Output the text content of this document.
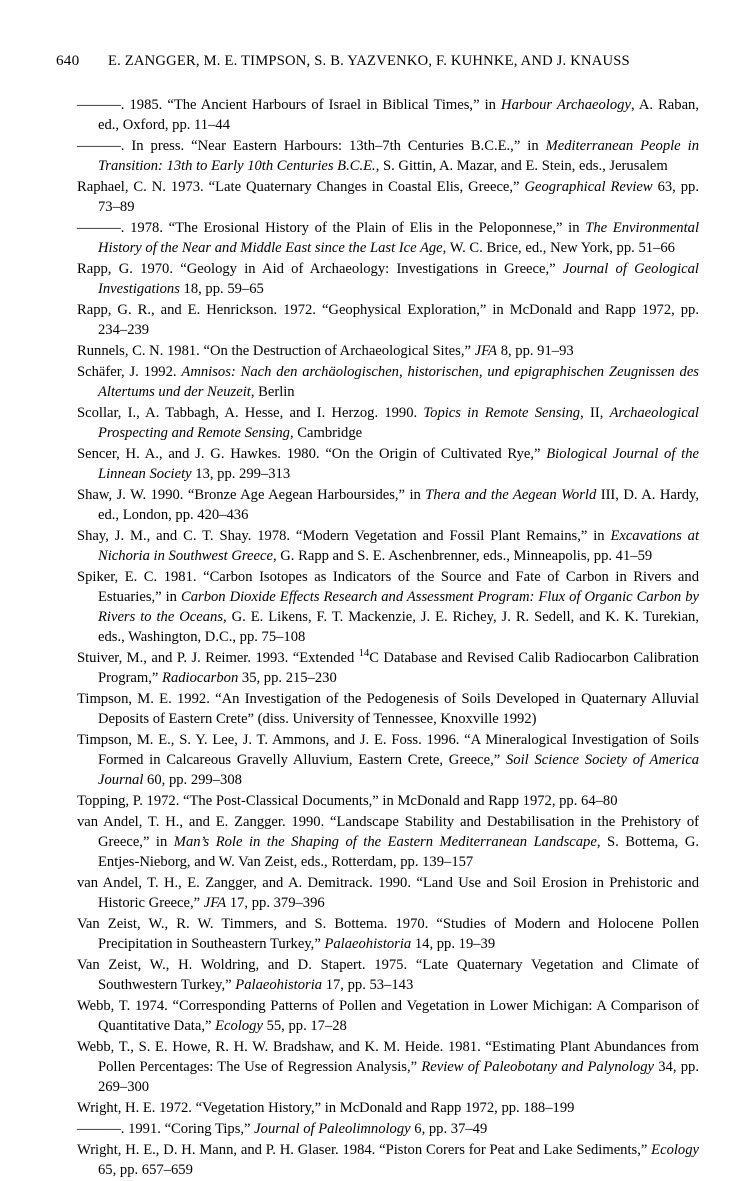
640	E. ZANGGER, M. E. TIMPSON, S. B. YAZVENKO, F. KUHNKE, AND J. KNAUSS

———. 1985. “The Ancient Harbours of Israel in Biblical Times,” in Harbour Archaeology, A. Raban, ed., Oxford, pp. 11–44

———. In press. “Near Eastern Harbours: 13th–7th Centuries B.C.E.,” in Mediterranean People in Transition: 13th to Early 10th Centuries B.C.E., S. Gittin, A. Mazar, and E. Stein, eds., Jerusalem

Raphael, C. N. 1973. “Late Quaternary Changes in Coastal Elis, Greece,” Geographical Review 63, pp. 73–89

———. 1978. “The Erosional History of the Plain of Elis in the Peloponnese,” in The Environmental History of the Near and Middle East since the Last Ice Age, W. C. Brice, ed., New York, pp. 51–66

Rapp, G. 1970. “Geology in Aid of Archaeology: Investigations in Greece,” Journal of Geological Investigations 18, pp. 59–65

Rapp, G. R., and E. Henrickson. 1972. “Geophysical Exploration,” in McDonald and Rapp 1972, pp. 234–239

Runnels, C. N. 1981. “On the Destruction of Archaeological Sites,” JFA 8, pp. 91–93

Schäfer, J. 1992. Amnisos: Nach den archäologischen, historischen, und epigraphischen Zeugnissen des Altertums und der Neuzeit, Berlin

Scollar, I., A. Tabbagh, A. Hesse, and I. Herzog. 1990. Topics in Remote Sensing, II, Archaeological Prospecting and Remote Sensing, Cambridge

Sencer, H. A., and J. G. Hawkes. 1980. “On the Origin of Cultivated Rye,” Biological Journal of the Linnean Society 13, pp. 299–313

Shaw, J. W. 1990. “Bronze Age Aegean Harboursides,” in Thera and the Aegean World III, D. A. Hardy, ed., London, pp. 420–436

Shay, J. M., and C. T. Shay. 1978. “Modern Vegetation and Fossil Plant Remains,” in Excavations at Nichoria in Southwest Greece, G. Rapp and S. E. Aschenbrenner, eds., Minneapolis, pp. 41–59

Spiker, E. C. 1981. “Carbon Isotopes as Indicators of the Source and Fate of Carbon in Rivers and Estuaries,” in Carbon Dioxide Effects Research and Assessment Program: Flux of Organic Carbon by Rivers to the Oceans, G. E. Likens, F. T. Mackenzie, J. E. Richey, J. R. Sedell, and K. K. Turekian, eds., Washington, D.C., pp. 75–108

Stuiver, M., and P. J. Reimer. 1993. “Extended $^{14}$C Database and Revised Calib Radiocarbon Calibration Program,” Radiocarbon 35, pp. 215–230

Timpson, M. E. 1992. “An Investigation of the Pedogenesis of Soils Developed in Quaternary Alluvial Deposits of Eastern Crete” (diss. University of Tennessee, Knoxville 1992)

Timpson, M. E., S. Y. Lee, J. T. Ammons, and J. E. Foss. 1996. “A Mineralogical Investigation of Soils Formed in Calcareous Gravelly Alluvium, Eastern Crete, Greece,” Soil Science Society of America Journal 60, pp. 299–308

Topping, P. 1972. “The Post-Classical Documents,” in McDonald and Rapp 1972, pp. 64–80

van Andel, T. H., and E. Zangger. 1990. “Landscape Stability and Destabilisation in the Prehistory of Greece,” in Man’s Role in the Shaping of the Eastern Mediterranean Landscape, S. Bottema, G. Entjes-Nieborg, and W. Van Zeist, eds., Rotterdam, pp. 139–157

van Andel, T. H., E. Zangger, and A. Demitrack. 1990. “Land Use and Soil Erosion in Prehistoric and Historic Greece,” JFA 17, pp. 379–396

Van Zeist, W., R. W. Timmers, and S. Bottema. 1970. “Studies of Modern and Holocene Pollen Precipitation in Southeastern Turkey,” Palaeohistoria 14, pp. 19–39

Van Zeist, W., H. Woldring, and D. Stapert. 1975. “Late Quaternary Vegetation and Climate of Southwestern Turkey,” Palaeohistoria 17, pp. 53–143

Webb, T. 1974. “Corresponding Patterns of Pollen and Vegetation in Lower Michigan: A Comparison of Quantitative Data,” Ecology 55, pp. 17–28

Webb, T., S. E. Howe, R. H. W. Bradshaw, and K. M. Heide. 1981. “Estimating Plant Abundances from Pollen Percentages: The Use of Regression Analysis,” Review of Paleobotany and Palynology 34, pp. 269–300

Wright, H. E. 1972. “Vegetation History,” in McDonald and Rapp 1972, pp. 188–199

———. 1991. “Coring Tips,” Journal of Paleolimnology 6, pp. 37–49

Wright, H. E., D. H. Mann, and P. H. Glaser. 1984. “Piston Corers for Peat and Lake Sediments,” Ecology 65, pp. 657–659
